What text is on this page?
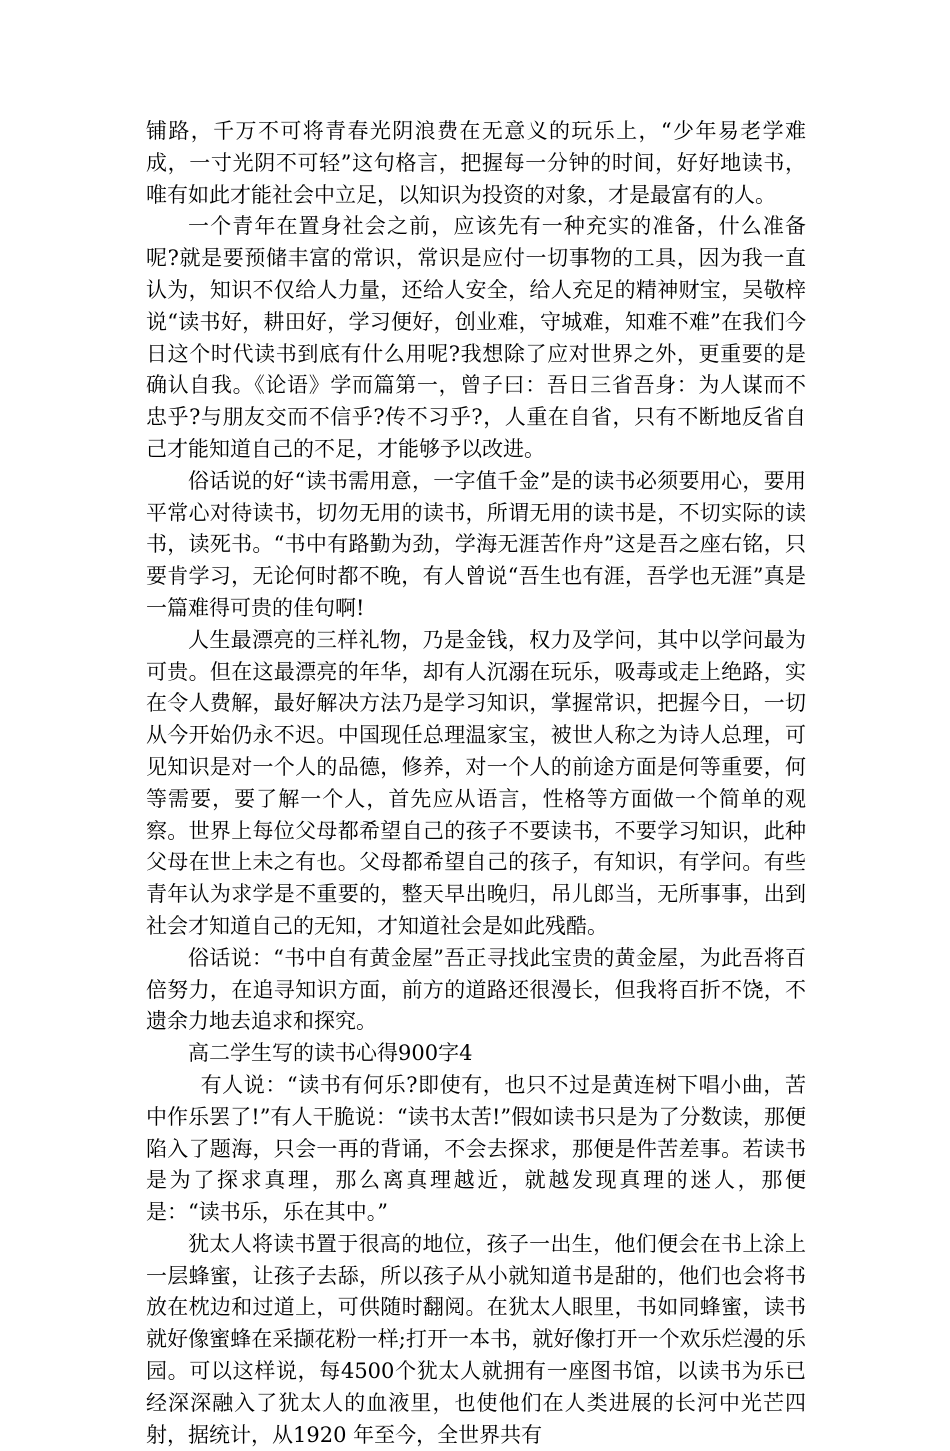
铺路，千万不可将青春光阴浪费在无意义的玩乐上，“少年易老学难成，一寸光阴不可轻”这句格言，把握每一分钟的时间，好好地读书，唯有如此才能社会中立足，以知识为投资的对象，才是最富有的人。

一个青年在置身社会之前，应该先有一种充实的准备，什么准备呢?就是要预储丰富的常识，常识是应付一切事物的工具，因为我一直认为，知识不仅给人力量，还给人安全，给人充足的精神财宝，吴敬梓说“读书好，耕田好，学习便好，创业难，守城难，知难不难”在我们今日这个时代读书到底有什么用呢?我想除了应对世界之外，更重要的是确认自我。《论语》学而篇第一，曾子曰：吾日三省吾身：为人谋而不忠乎?与朋友交而不信乎?传不习乎?，人重在自省，只有不断地反省自己才能知道自己的不足，才能够予以改进。

俗话说的好“读书需用意，一字值千金”是的读书必须要用心，要用平常心对待读书，切勿无用的读书，所谓无用的读书是，不切实际的读书，读死书。“书中有路勤为劲，学海无涯苦作舟”这是吾之座右铭，只要肯学习，无论何时都不晚，有人曾说“吾生也有涯，吾学也无涯”真是一篇难得可贵的佳句啊!

人生最漂亮的三样礼物，乃是金钱，权力及学问，其中以学问最为可贵。但在这最漂亮的年华，却有人沉溺在玩乐，吸毒或走上绝路，实在令人费解，最好解决方法乃是学习知识，掌握常识，把握今日，一切从今开始仍永不迟。中国现任总理温家宝，被世人称之为诗人总理，可见知识是对一个人的品德，修养，对一个人的前途方面是何等重要，何等需要，要了解一个人，首先应从语言，性格等方面做一个简单的观察。世界上每位父母都希望自己的孩子不要读书，不要学习知识，此种父母在世上未之有也。父母都希望自己的孩子，有知识，有学问。有些青年认为求学是不重要的，整天早出晚归，吊儿郎当，无所事事，出到社会才知道自己的无知，才知道社会是如此残酷。

俗话说：“书中自有黄金屋”吾正寻找此宝贵的黄金屋，为此吾将百倍努力，在追寻知识方面，前方的道路还很漫长，但我将百折不饶，不遗余力地去追求和探究。

高二学生写的读书心得900字4

有人说：“读书有何乐?即使有，也只不过是黄连树下唱小曲，苦中作乐罢了!”有人干脆说：“读书太苦!”假如读书只是为了分数读，那便陷入了题海，只会一再的背诵，不会去探求，那便是件苦差事。若读书是为了探求真理，那么离真理越近，就越发现真理的迷人，那便是：“读书乐，乐在其中。”

犹太人将读书置于很高的地位，孩子一出生，他们便会在书上涂上一层蜂蜜，让孩子去舔，所以孩子从小就知道书是甜的，他们也会将书放在枕边和过道上，可供随时翻阅。在犹太人眼里，书如同蜂蜜，读书就好像蜜蜂在采撷花粉一样;打开一本书，就好像打开一个欢乐烂漫的乐园。可以这样说，每4500个犹太人就拥有一座图书馆，以读书为乐已经深深融入了犹太人的血液里，也使他们在人类进展的长河中光芒四射，据统计，从1920 年至今，全世界共有
